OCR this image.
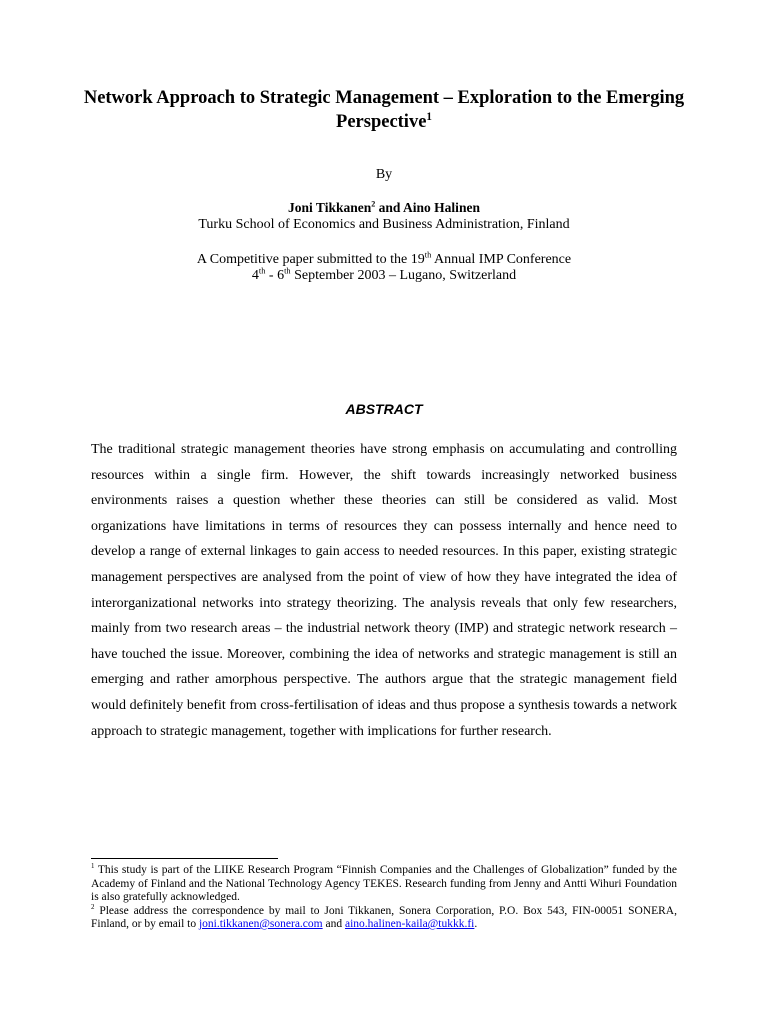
Network Approach to Strategic Management – Exploration to the Emerging Perspective$^1$
By
Joni Tikkanen$^2$ and Aino Halinen
Turku School of Economics and Business Administration, Finland
A Competitive paper submitted to the 19th Annual IMP Conference
4th - 6th September 2003 – Lugano, Switzerland
ABSTRACT
The traditional strategic management theories have strong emphasis on accumulating and controlling resources within a single firm. However, the shift towards increasingly networked business environments raises a question whether these theories can still be considered as valid. Most organizations have limitations in terms of resources they can possess internally and hence need to develop a range of external linkages to gain access to needed resources. In this paper, existing strategic management perspectives are analysed from the point of view of how they have integrated the idea of interorganizational networks into strategy theorizing. The analysis reveals that only few researchers, mainly from two research areas – the industrial network theory (IMP) and strategic network research – have touched the issue. Moreover, combining the idea of networks and strategic management is still an emerging and rather amorphous perspective. The authors argue that the strategic management field would definitely benefit from cross-fertilisation of ideas and thus propose a synthesis towards a network approach to strategic management, together with implications for further research.

$^1$ This study is part of the LIIKE Research Program “Finnish Companies and the Challenges of Globalization” funded by the Academy of Finland and the National Technology Agency TEKES. Research funding from Jenny and Antti Wihuri Foundation is also gratefully acknowledged.

$^2$ Please address the correspondence by mail to Joni Tikkanen, Sonera Corporation, P.O. Box 543, FIN-00051 SONERA, Finland, or by email to joni.tikkanen@sonera.com and aino.halinen-kaila@tukkk.fi.
